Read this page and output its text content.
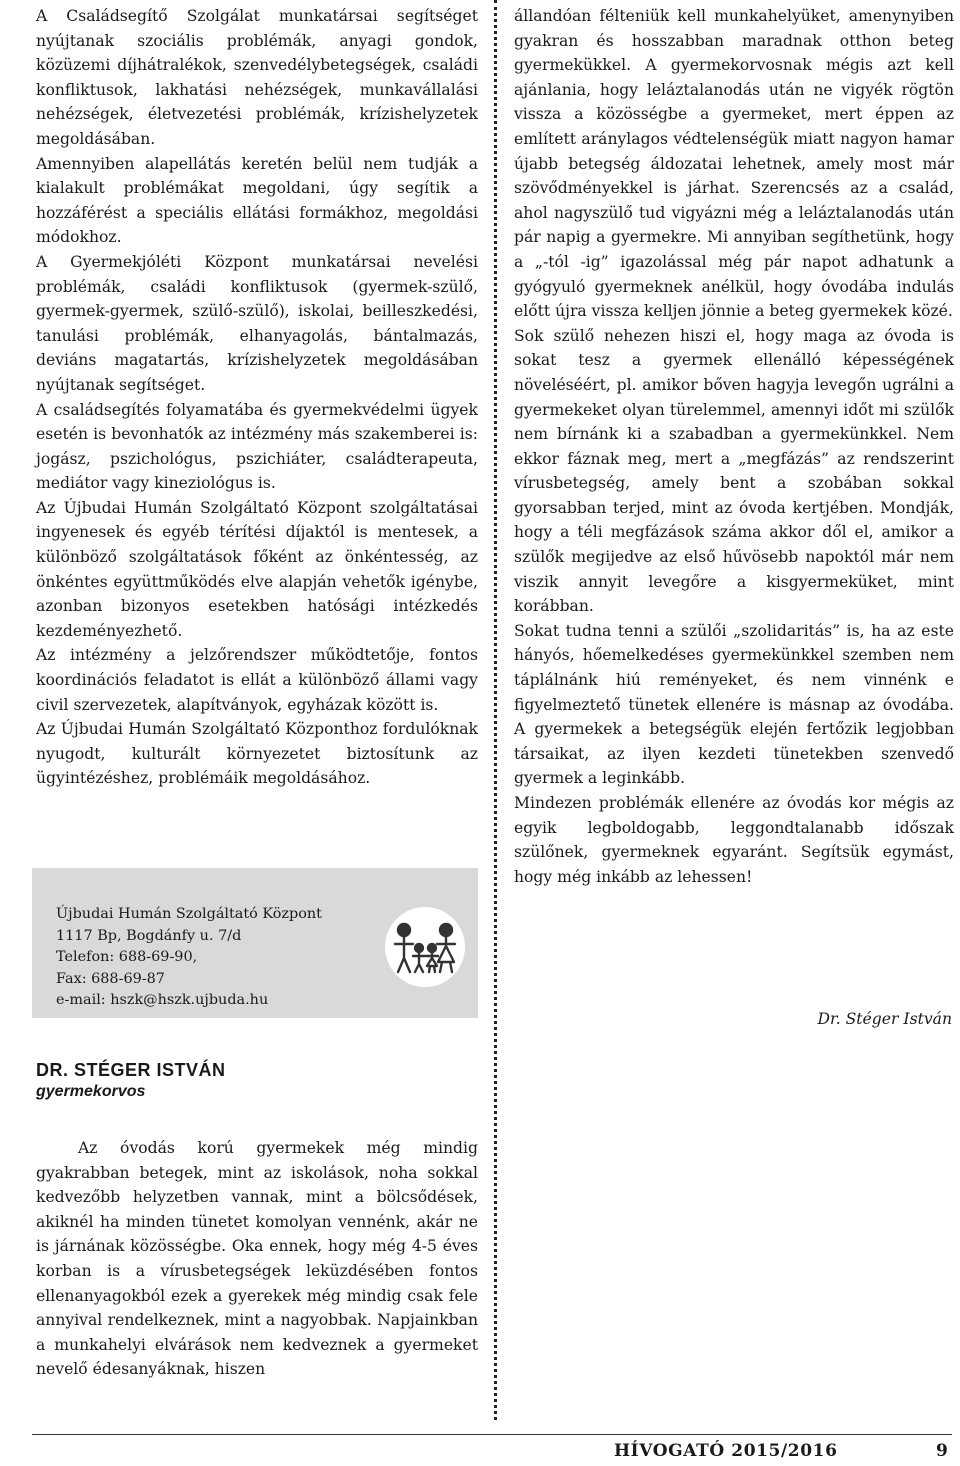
A Családsegítő Szolgálat munkatársai segítséget nyújtanak szociális problémák, anyagi gondok, közüzemi díjhátralékok, szenvedélybetegségek, családi konfliktusok, lakhatási nehézségek, munkavállalási nehézségek, életvezetési problémák, krízishelyzetek megoldásában.

Amennyiben alapellátás keretén belül nem tudják a kialakult problémákat megoldani, úgy segítik a hozzáférést a speciális ellátási formákhoz, megoldási módokhoz.

A Gyermekjóléti Központ munkatársai nevelési problémák, családi konfliktusok (gyermek-szülő, gyermek-gyermek, szülő-szülő), iskolai, beilleszkedési, tanulási problémák, elhanyagolás, bántalmazás, deviáns magatartás, krízishelyzetek megoldásában nyújtanak segítséget.

A családsegítés folyamatába és gyermekvédelmi ügyek esetén is bevonhatók az intézmény más szakemberei is: jogász, pszichológus, pszichiáter, családterapeuta, mediátor vagy kineziológus is.

Az Újbudai Humán Szolgáltató Központ szolgáltatásai ingyenesek és egyéb térítési díjaktól is mentesek, a különböző szolgáltatások főként az önkéntesség, az önkéntes együttműködés elve alapján vehetők igénybe, azonban bizonyos esetekben hatósági intézkedés kezdeményezhető.

Az intézmény a jelzőrendszer működtetője, fontos koordinációs feladatot is ellát a különböző állami vagy civil szervezetek, alapítványok, egyházak között is.

Az Újbudai Humán Szolgáltató Központhoz fordulóknak nyugodt, kulturált környezetet biztosítunk az ügyintézéshez, problémáik megoldásához.

Újbudai Humán Szolgáltató Központ
1117 Bp, Bogdánfy u. 7/d
Telefon: 688-69-90,
Fax: 688-69-87
e-mail: hszk@hszk.ujbuda.hu
DR. STÉGER ISTVÁN
gyermekorvos

Az óvodás korú gyermekek még mindig gyakrabban betegek, mint az iskolások, noha sokkal kedvezőbb helyzetben vannak, mint a bölcsődések, akiknél ha minden tünetet komolyan vennénk, akár ne is járnának közösségbe. Oka ennek, hogy még 4-5 éves korban is a vírusbetegségek leküzdésében fontos ellenanyagokból ezek a gyerekek még mindig csak fele annyival rendelkeznek, mint a nagyobbak. Napjainkban a munkahelyi elvárások nem kedveznek a gyermeket nevelő édesanyáknak, hiszen

állandóan félteniük kell munkahelyüket, amenynyiben gyakran és hosszabban maradnak otthon beteg gyermekükkel. A gyermekorvosnak mégis azt kell ajánlania, hogy leláztalanodás után ne vigyék rögtön vissza a közösségbe a gyermeket, mert éppen az említett aránylagos védtelenségük miatt nagyon hamar újabb betegség áldozatai lehetnek, amely most már szövődményekkel is járhat. Szerencsés az a család, ahol nagyszülő tud vigyázni még a leláztalanodás után pár napig a gyermekre. Mi annyiban segíthetünk, hogy a „-tól -ig” igazolással még pár napot adhatunk a gyógyuló gyermeknek anélkül, hogy óvodába indulás előtt újra vissza kellјen jönnie a beteg gyermekek közé.

Sok szülő nehezen hiszi el, hogy maga az óvoda is sokat tesz a gyermek ellenálló képességének növeléséért, pl. amikor bőven hagyja levegőn ugrálni a gyermekeket olyan türelemmel, amennyi időt mi szülők nem bírnánk ki a szabadban a gyermekünkkel. Nem ekkor fáznak meg, mert a „megfázás” az rendszerint vírusbetegség, amely bent a szobában sokkal gyorsabban terjed, mint az óvoda kertjében. Mondják, hogy a téli megfázások száma akkor dől el, amikor a szülők megijedve az első hűvösebb napoktól már nem viszik annyit levegőre a kisgyermeküket, mint korábban.

Sokat tudna tenni a szülői „szolidaritás” is, ha az este hányós, hőemelkedéses gyermekünkkel szemben nem táplálnánk hiú reményeket, és nem vinnénk e figyelmeztető tünetek ellenére is másnap az óvodába. A gyermekek a betegségük elején fertőzik legjobban társaikat, az ilyen kezdeti tünetekben szenvedő gyermek a leginkább.

Mindezen problémák ellenére az óvodás kor mégis az egyik legboldogabb, leggondtalanabb időszak szülőnek, gyermeknek egyaránt. Segítsük egymást, hogy még inkább az lehessen!

Dr. Stéger István
HÍVOGATÓ 2015/2016	9
